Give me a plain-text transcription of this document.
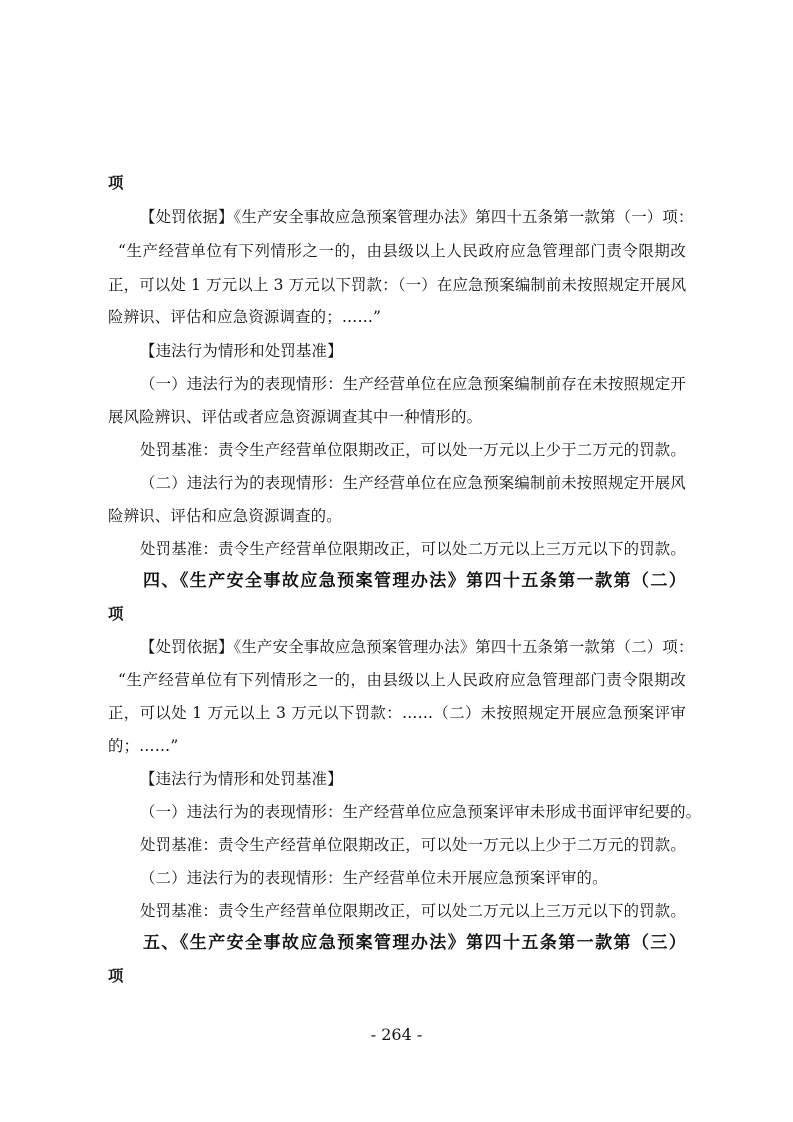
项
【处罚依据】《生产安全事故应急预案管理办法》第四十五条第一款第（一）项：
“生产经营单位有下列情形之一的，由县级以上人民政府应急管理部门责令限期改
正，可以处 1 万元以上 3 万元以下罚款：（一）在应急预案编制前未按照规定开展风
险辨识、评估和应急资源调查的；……”
【违法行为情形和处罚基准】
（一）违法行为的表现情形：生产经营单位在应急预案编制前存在未按照规定开
展风险辨识、评估或者应急资源调查其中一种情形的。
处罚基准：责令生产经营单位限期改正，可以处一万元以上少于二万元的罚款。
（二）违法行为的表现情形：生产经营单位在应急预案编制前未按照规定开展风
险辨识、评估和应急资源调查的。
处罚基准：责令生产经营单位限期改正，可以处二万元以上三万元以下的罚款。
四、《生产安全事故应急预案管理办法》第四十五条第一款第（二）
项
【处罚依据】《生产安全事故应急预案管理办法》第四十五条第一款第（二）项：
“生产经营单位有下列情形之一的，由县级以上人民政府应急管理部门责令限期改
正，可以处 1 万元以上 3 万元以下罚款：……（二）未按照规定开展应急预案评审
的；……”
【违法行为情形和处罚基准】
（一）违法行为的表现情形：生产经营单位应急预案评审未形成书面评审纪要的。
处罚基准：责令生产经营单位限期改正，可以处一万元以上少于二万元的罚款。
（二）违法行为的表现情形：生产经营单位未开展应急预案评审的。
处罚基准：责令生产经营单位限期改正，可以处二万元以上三万元以下的罚款。
五、《生产安全事故应急预案管理办法》第四十五条第一款第（三）
项
- 264 -
